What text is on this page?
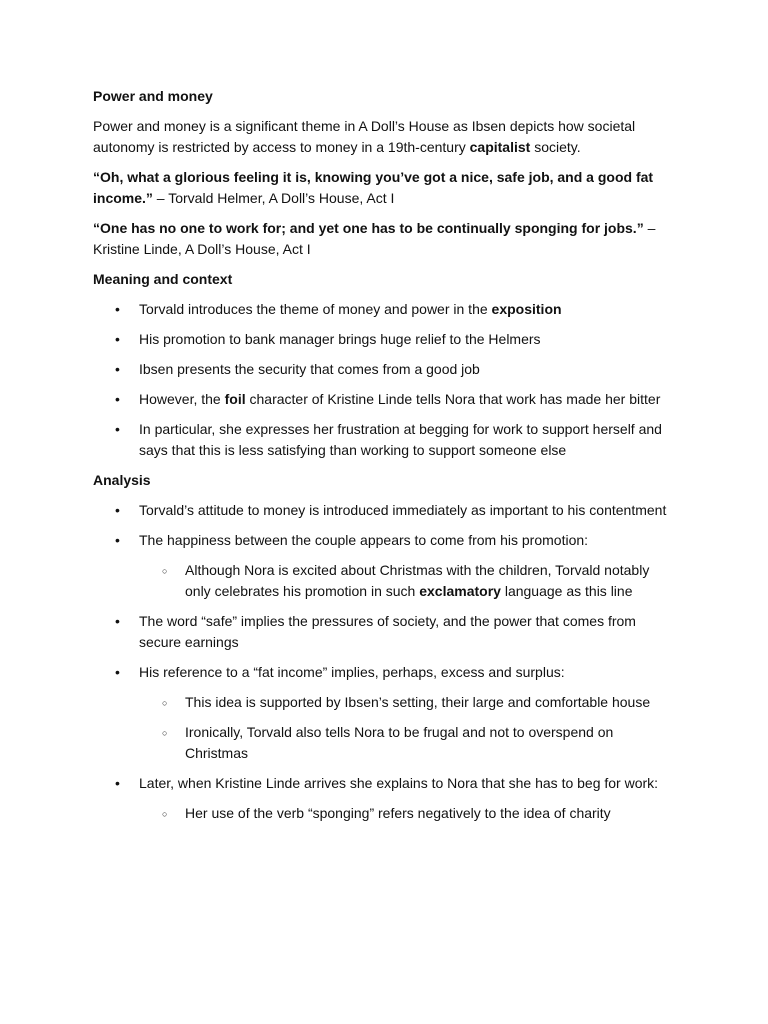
Power and money

Power and money is a significant theme in A Doll’s House as Ibsen depicts how societal autonomy is restricted by access to money in a 19th-century capitalist society.

“Oh, what a glorious feeling it is, knowing you’ve got a nice, safe job, and a good fat income.” – Torvald Helmer, A Doll’s House, Act I

“One has no one to work for; and yet one has to be continually sponging for jobs.” – Kristine Linde, A Doll’s House, Act I

Meaning and context

• Torvald introduces the theme of money and power in the exposition
• His promotion to bank manager brings huge relief to the Helmers
• Ibsen presents the security that comes from a good job
• However, the foil character of Kristine Linde tells Nora that work has made her bitter
• In particular, she expresses her frustration at begging for work to support herself and says that this is less satisfying than working to support someone else

Analysis

• Torvald’s attitude to money is introduced immediately as important to his contentment
• The happiness between the couple appears to come from his promotion:
○ Although Nora is excited about Christmas with the children, Torvald notably only celebrates his promotion in such exclamatory language as this line
• The word “safe” implies the pressures of society, and the power that comes from secure earnings
• His reference to a “fat income” implies, perhaps, excess and surplus:
○ This idea is supported by Ibsen’s setting, their large and comfortable house
○ Ironically, Torvald also tells Nora to be frugal and not to overspend on Christmas
• Later, when Kristine Linde arrives she explains to Nora that she has to beg for work:
○ Her use of the verb “sponging” refers negatively to the idea of charity
